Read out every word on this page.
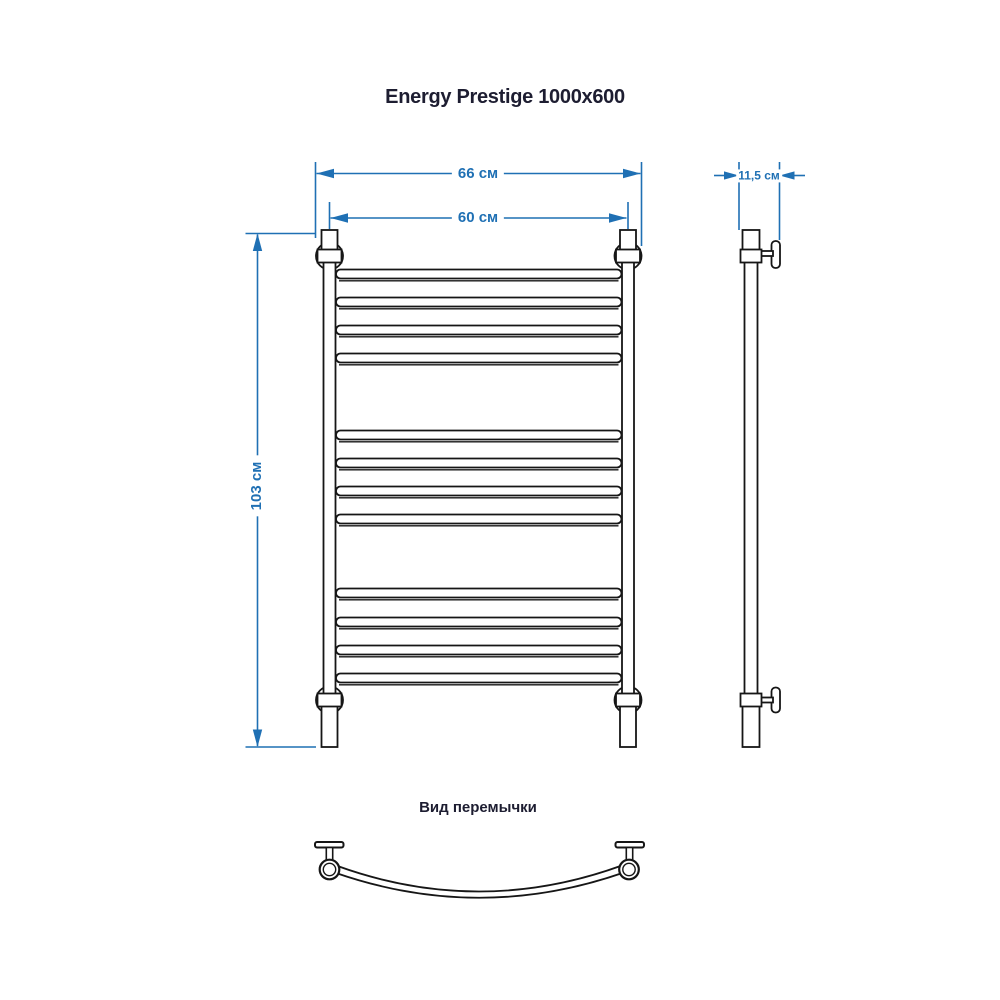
Energy Prestige 1000x600
66 см
60 см
103 см
11,5 см
Вид перемычки
